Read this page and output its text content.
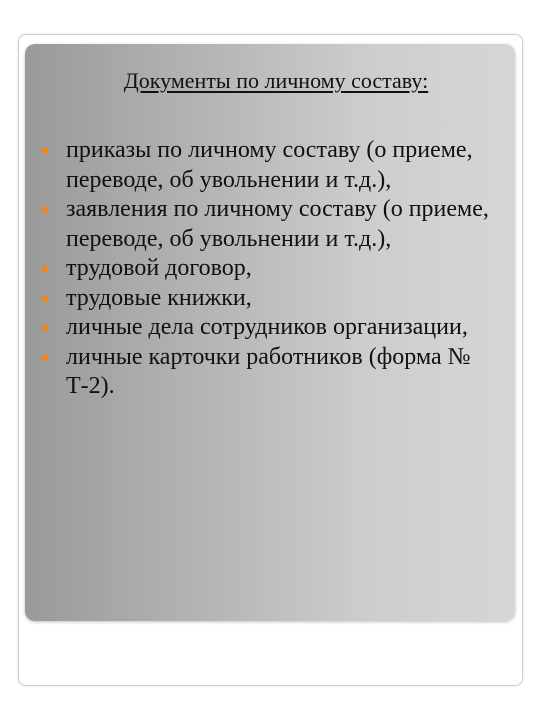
Документы по личному составу:
приказы по личному составу (о приеме, переводе, об увольнении и т.д.),
заявления по личному составу (о приеме, переводе, об увольнении и т.д.),
трудовой договор,
трудовые книжки,
личные дела сотрудников организации,
личные карточки работников (форма № Т-2).
